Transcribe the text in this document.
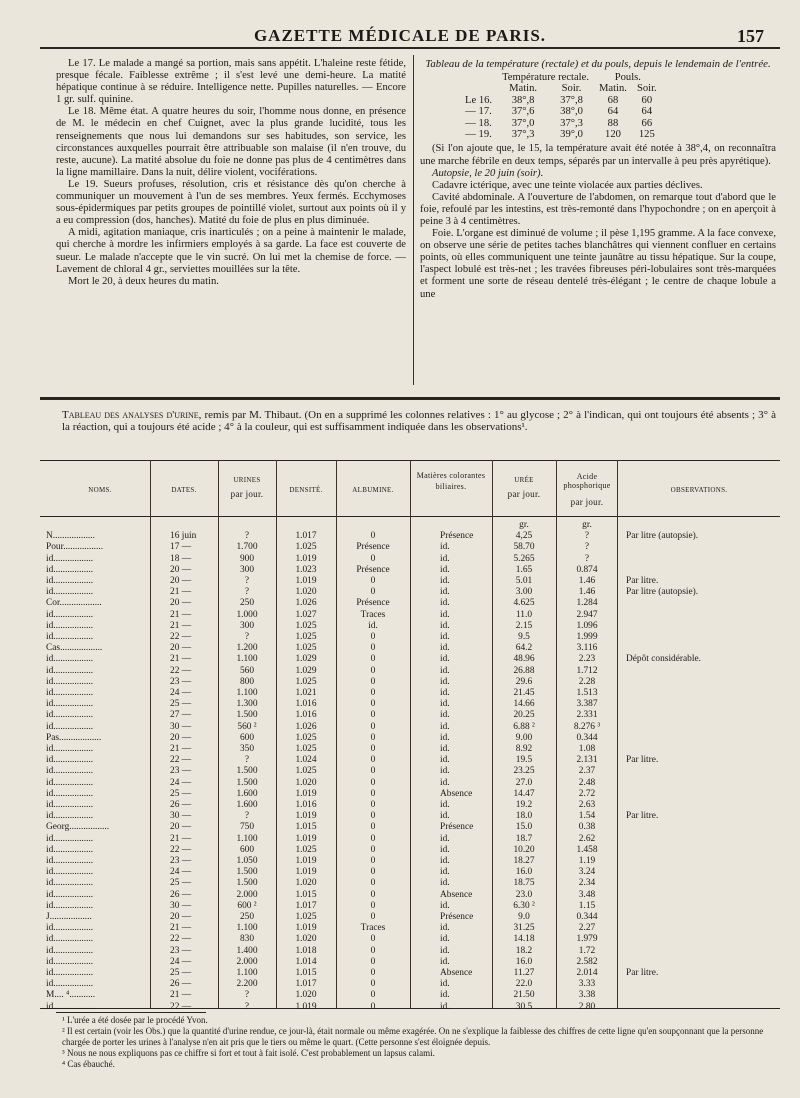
GAZETTE MÉDICALE DE PARIS.	157

Le 17. Le malade a mangé sa portion, mais sans appétit. L'haleine reste fétide, presque fécale. Faiblesse extrême ; il s'est levé une demi-heure. La matité hépatique continue à se réduire. Intelligence nette. Pupilles naturelles. — Encore 1 gr. sulf. quinine.

Le 18. Même état. A quatre heures du soir, l'homme nous donne, en présence de M. le médecin en chef Cuignet, avec la plus grande lucidité, tous les renseignements que nous lui demandons sur ses habitudes, son service, les circonstances auxquelles pourrait être attribuable son malaise (il n'en trouve, du reste, aucune). La matité absolue du foie ne donne pas plus de 4 centimètres dans la ligne mamillaire. Dans la nuit, délire violent, vociférations.

Le 19. Sueurs profuses, résolution, cris et résistance dès qu'on cherche à communiquer un mouvement à l'un de ses membres. Yeux fermés. Ecchymoses sous-épidermiques par petits groupes de pointillé violet, surtout aux points où il y a eu compression (dos, hanches). Matité du foie de plus en plus diminuée.

A midi, agitation maniaque, cris inarticulés ; on a peine à maintenir le malade, qui cherche à mordre les infirmiers employés à sa garde. La face est couverte de sueur. Le malade n'accepte que le vin sucré. On lui met la chemise de force. — Lavement de chloral 4 gr., serviettes mouillées sur la tête.

Mort le 20, à deux heures du matin.

Tableau de la température (rectale) et du pouls, depuis le lendemain de l'entrée.
	Température rectale.		Pouls.	
	Matin.	Soir.	Matin.	Soir.
Le 16.	38°,8	37°,8	68	60
— 17.	37°,6	38°,0	64	64
— 18.	37°,0	37°,3	88	66
— 19.	37°,3	39°,0	120	125

(Si l'on ajoute que, le 15, la température avait été notée à 38°,4, on reconnaîtra une marche fébrile en deux temps, séparés par un intervalle à peu près apyrétique).

Autopsie, le 20 juin (soir).

Cadavre ictérique, avec une teinte violacée aux parties déclives.

Cavité abdominale. A l'ouverture de l'abdomen, on remarque tout d'abord que le foie, refoulé par les intestins, est très-remonté dans l'hypochondre ; on en aperçoit à peine 3 à 4 centimètres.

Foie. L'organe est diminué de volume ; il pèse 1,195 gramme. A la face convexe, on observe une série de petites taches blanchâtres qui viennent confluer en certains points, où elles communiquent une teinte jaunâtre au tissu hépatique. Sur la coupe, l'aspect lobulé est très-net ; les travées fibreuses péri-lobulaires sont très-marquées et forment une sorte de réseau dentelé très-élégant ; le centre de chaque lobule a une

Tableau des analyses d'urine, remis par M. Thibaut. (On en a supprimé les colonnes relatives : 1° au glycose ; 2° à l'indican, qui ont toujours été absents ; 3° à la réaction, qui a toujours été acide ; 4° à la couleur, qui est suffisamment indiquée dans les observations¹.
NOMS.	DATES.
URINES
par jour.	DENSITÉ.	ALBUMINE.
Matières colorantes biliaires.
URÉE
par jour.
Acide phosphorique
par jour.
OBSERVATIONS.
gr.	gr.
N..................	16 juin	?	1.017	0	Présence	4,25	?	Par litre (autopsie).
Pour.................	17 —	1.700	1.025	Présence	id.	58.70	?
id.................	18 —	900	1.019	0	id.	5.265	?
id.................	20 —	300	1.023	Présence	id.	1.65	0.874
id.................	20 —	?	1.019	0	id.	5.01	1.46	Par litre.
id.................	21 —	?	1.020	0	id.	3.00	1.46	Par litre (autopsie).
Cor..................	20 —	250	1.026	Présence	id.	4.625	1.284
id.................	21 —	1.000	1.027	Traces	id.	11.0	2.947
id.................	21 —	300	1.025	id.	id.	2.15	1.096
id.................	22 —	?	1.025	0	id.	9.5	1.999
Cas..................	20 —	1.200	1.025	0	id.	64.2	3.116
id.................	21 —	1.100	1.029	0	id.	48.96	2.23	Dépôt considérable.
id.................	22 —	560	1.029	0	id.	26.88	1.712
id.................	23 —	800	1.025	0	id.	29.6	2.28
id.................	24 —	1.100	1.021	0	id.	21.45	1.513
id.................	25 —	1.300	1.016	0	id.	14.66	3.387
id.................	27 —	1.500	1.016	0	id.	20.25	2.331
id.................	30 —	560 ²	1.026	0	id.	6.88 ²	8.276 ³
Pas..................	20 —	600	1.025	0	id.	9.00	0.344
id.................	21 —	350	1.025	0	id.	8.92	1.08
id.................	22 —	?	1.024	0	id.	19.5	2.131	Par litre.
id.................	23 —	1.500	1.025	0	id.	23.25	2.37
id.................	24 —	1.500	1.020	0	id.	27.0	2.48
id.................	25 —	1.600	1.019	0	Absence	14.47	2.72
id.................	26 —	1.600	1.016	0	id.	19.2	2.63
id.................	30 —	?	1.019	0	id.	18.0	1.54	Par litre.
Georg.................	20 —	750	1.015	0	Présence	15.0	0.38
id.................	21 —	1.100	1.019	0	id.	18.7	2.62
id.................	22 —	600	1.025	0	id.	10.20	1.458
id.................	23 —	1.050	1.019	0	id.	18.27	1.19
id.................	24 —	1.500	1.019	0	id.	16.0	3.24
id.................	25 —	1.500	1.020	0	id.	18.75	2.34
id.................	26 —	2.000	1.015	0	Absence	23.0	3.48
id.................	30 —	600 ²	1.017	0	id.	6.30 ²	1.15
J..................	20 —	250	1.025	0	Présence	9.0	0.344
id.................	21 —	1.100	1.019	Traces	id.	31.25	2.27
id.................	22 —	830	1.020	0	id.	14.18	1.979
id.................	23 —	1.400	1.018	0	id.	18.2	1.72
id.................	24 —	2.000	1.014	0	id.	16.0	2.582
id.................	25 —	1.100	1.015	0	Absence	11.27	2.014	Par litre.
id.................	26 —	2.200	1.017	0	id.	22.0	3.33
M.... ⁴...........	21 —	?	1.020	0	id.	21.50	3.38
id.................	22 —	?	1.019	0	id.	30.5	2.80
¹ L'urée a été dosée par le procédé Yvon.
² Il est certain (voir les Obs.) que la quantité d'urine rendue, ce jour-là, était normale ou même exagérée. On ne s'explique la faiblesse des chiffres de cette ligne qu'en soupçonnant que la personne chargée de porter les urines à l'analyse n'en ait pris que le tiers ou même le quart. (Cette personne s'est éloignée depuis.
³ Nous ne nous expliquons pas ce chiffre si fort et tout à fait isolé. C'est probablement un lapsus calami.
⁴ Cas ébauché.
